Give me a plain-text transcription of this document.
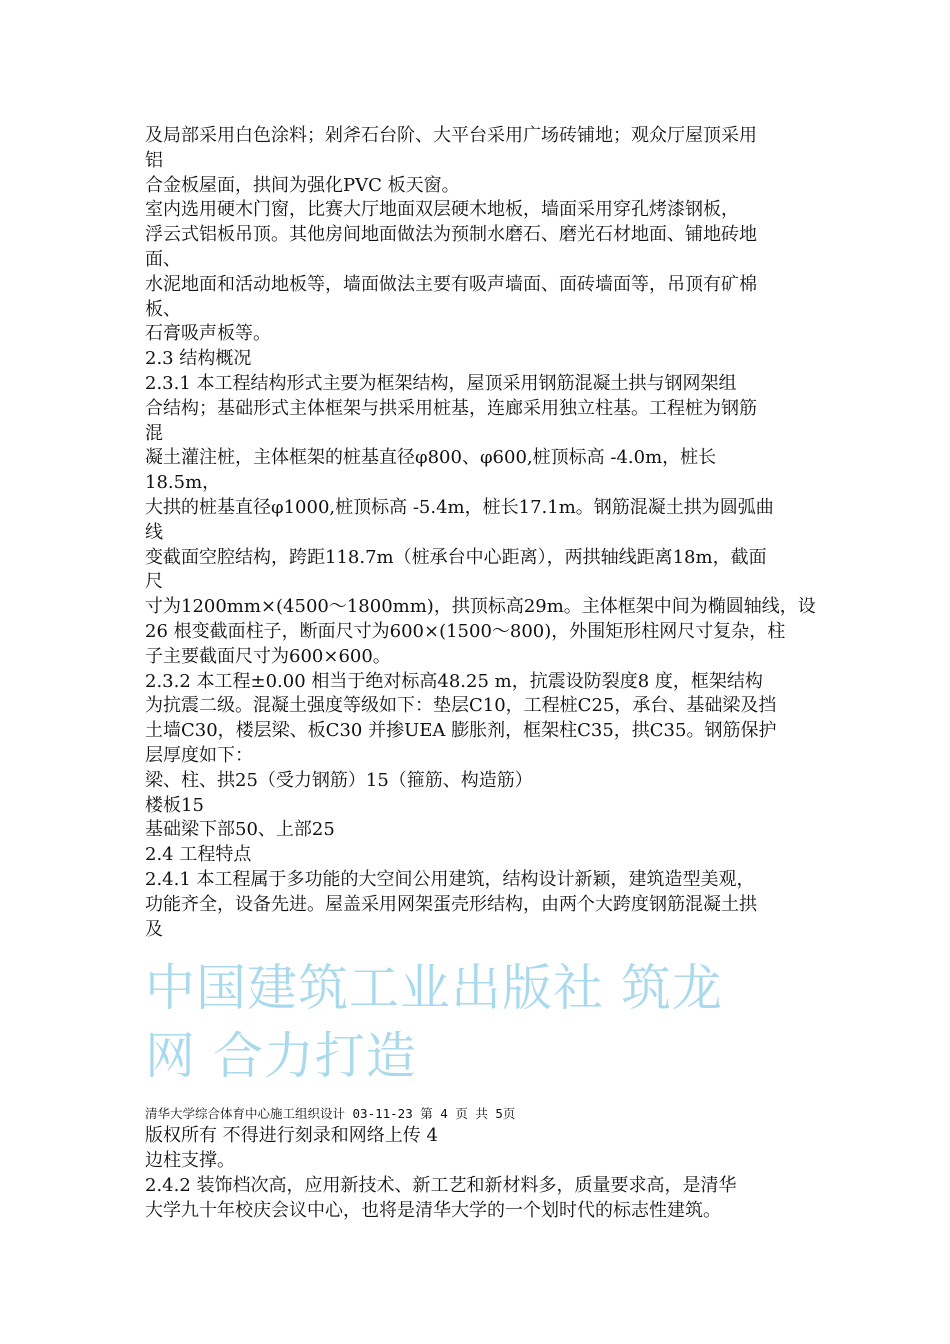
及局部采用白色涂料；剁斧石台阶、大平台采用广场砖铺地；观众厅屋顶采用

铝

合金板屋面，拱间为强化PVC 板天窗。

室内选用硬木门窗，比赛大厅地面双层硬木地板，墙面采用穿孔烤漆钢板，

浮云式铝板吊顶。其他房间地面做法为预制水磨石、磨光石材地面、铺地砖地

面、

水泥地面和活动地板等，墙面做法主要有吸声墙面、面砖墙面等，吊顶有矿棉

板、

石膏吸声板等。

2.3 结构概况

2.3.1 本工程结构形式主要为框架结构，屋顶采用钢筋混凝土拱与钢网架组

合结构；基础形式主体框架与拱采用桩基，连廊采用独立柱基。工程桩为钢筋

混

凝土灌注桩，主体框架的桩基直径φ800、φ600,桩顶标高 -4.0m，桩长

18.5m，

大拱的桩基直径φ1000,桩顶标高 -5.4m，桩长17.1m。钢筋混凝土拱为圆弧曲

线

变截面空腔结构，跨距118.7m（桩承台中心距离），两拱轴线距离18m，截面

尺

寸为1200mm×(4500～1800mm)，拱顶标高29m。主体框架中间为椭圆轴线，设

26 根变截面柱子，断面尺寸为600×(1500～800)，外围矩形柱网尺寸复杂，柱

子主要截面尺寸为600×600。

2.3.2 本工程±0.00 相当于绝对标高48.25 m，抗震设防裂度8 度，框架结构

为抗震二级。混凝土强度等级如下：垫层C10，工程桩C25，承台、基础梁及挡

土墙C30，楼层梁、板C30 并掺UEA 膨胀剂，框架柱C35，拱C35。钢筋保护

层厚度如下：

梁、柱、拱25（受力钢筋）15（箍筋、构造筋）

楼板15

基础梁下部50、上部25

2.4 工程特点

2.4.1 本工程属于多功能的大空间公用建筑，结构设计新颖，建筑造型美观，

功能齐全，设备先进。屋盖采用网架蛋壳形结构，由两个大跨度钢筋混凝土拱

及

中国建筑工业出版社 筑龙
网 合力打造
清华大学综合体育中心施工组织设计 03-11-23 第 4 页 共 5页

版权所有 不得进行刻录和网络上传 4

边柱支撑。

2.4.2 装饰档次高，应用新技术、新工艺和新材料多，质量要求高，是清华

大学九十年校庆会议中心，也将是清华大学的一个划时代的标志性建筑。
